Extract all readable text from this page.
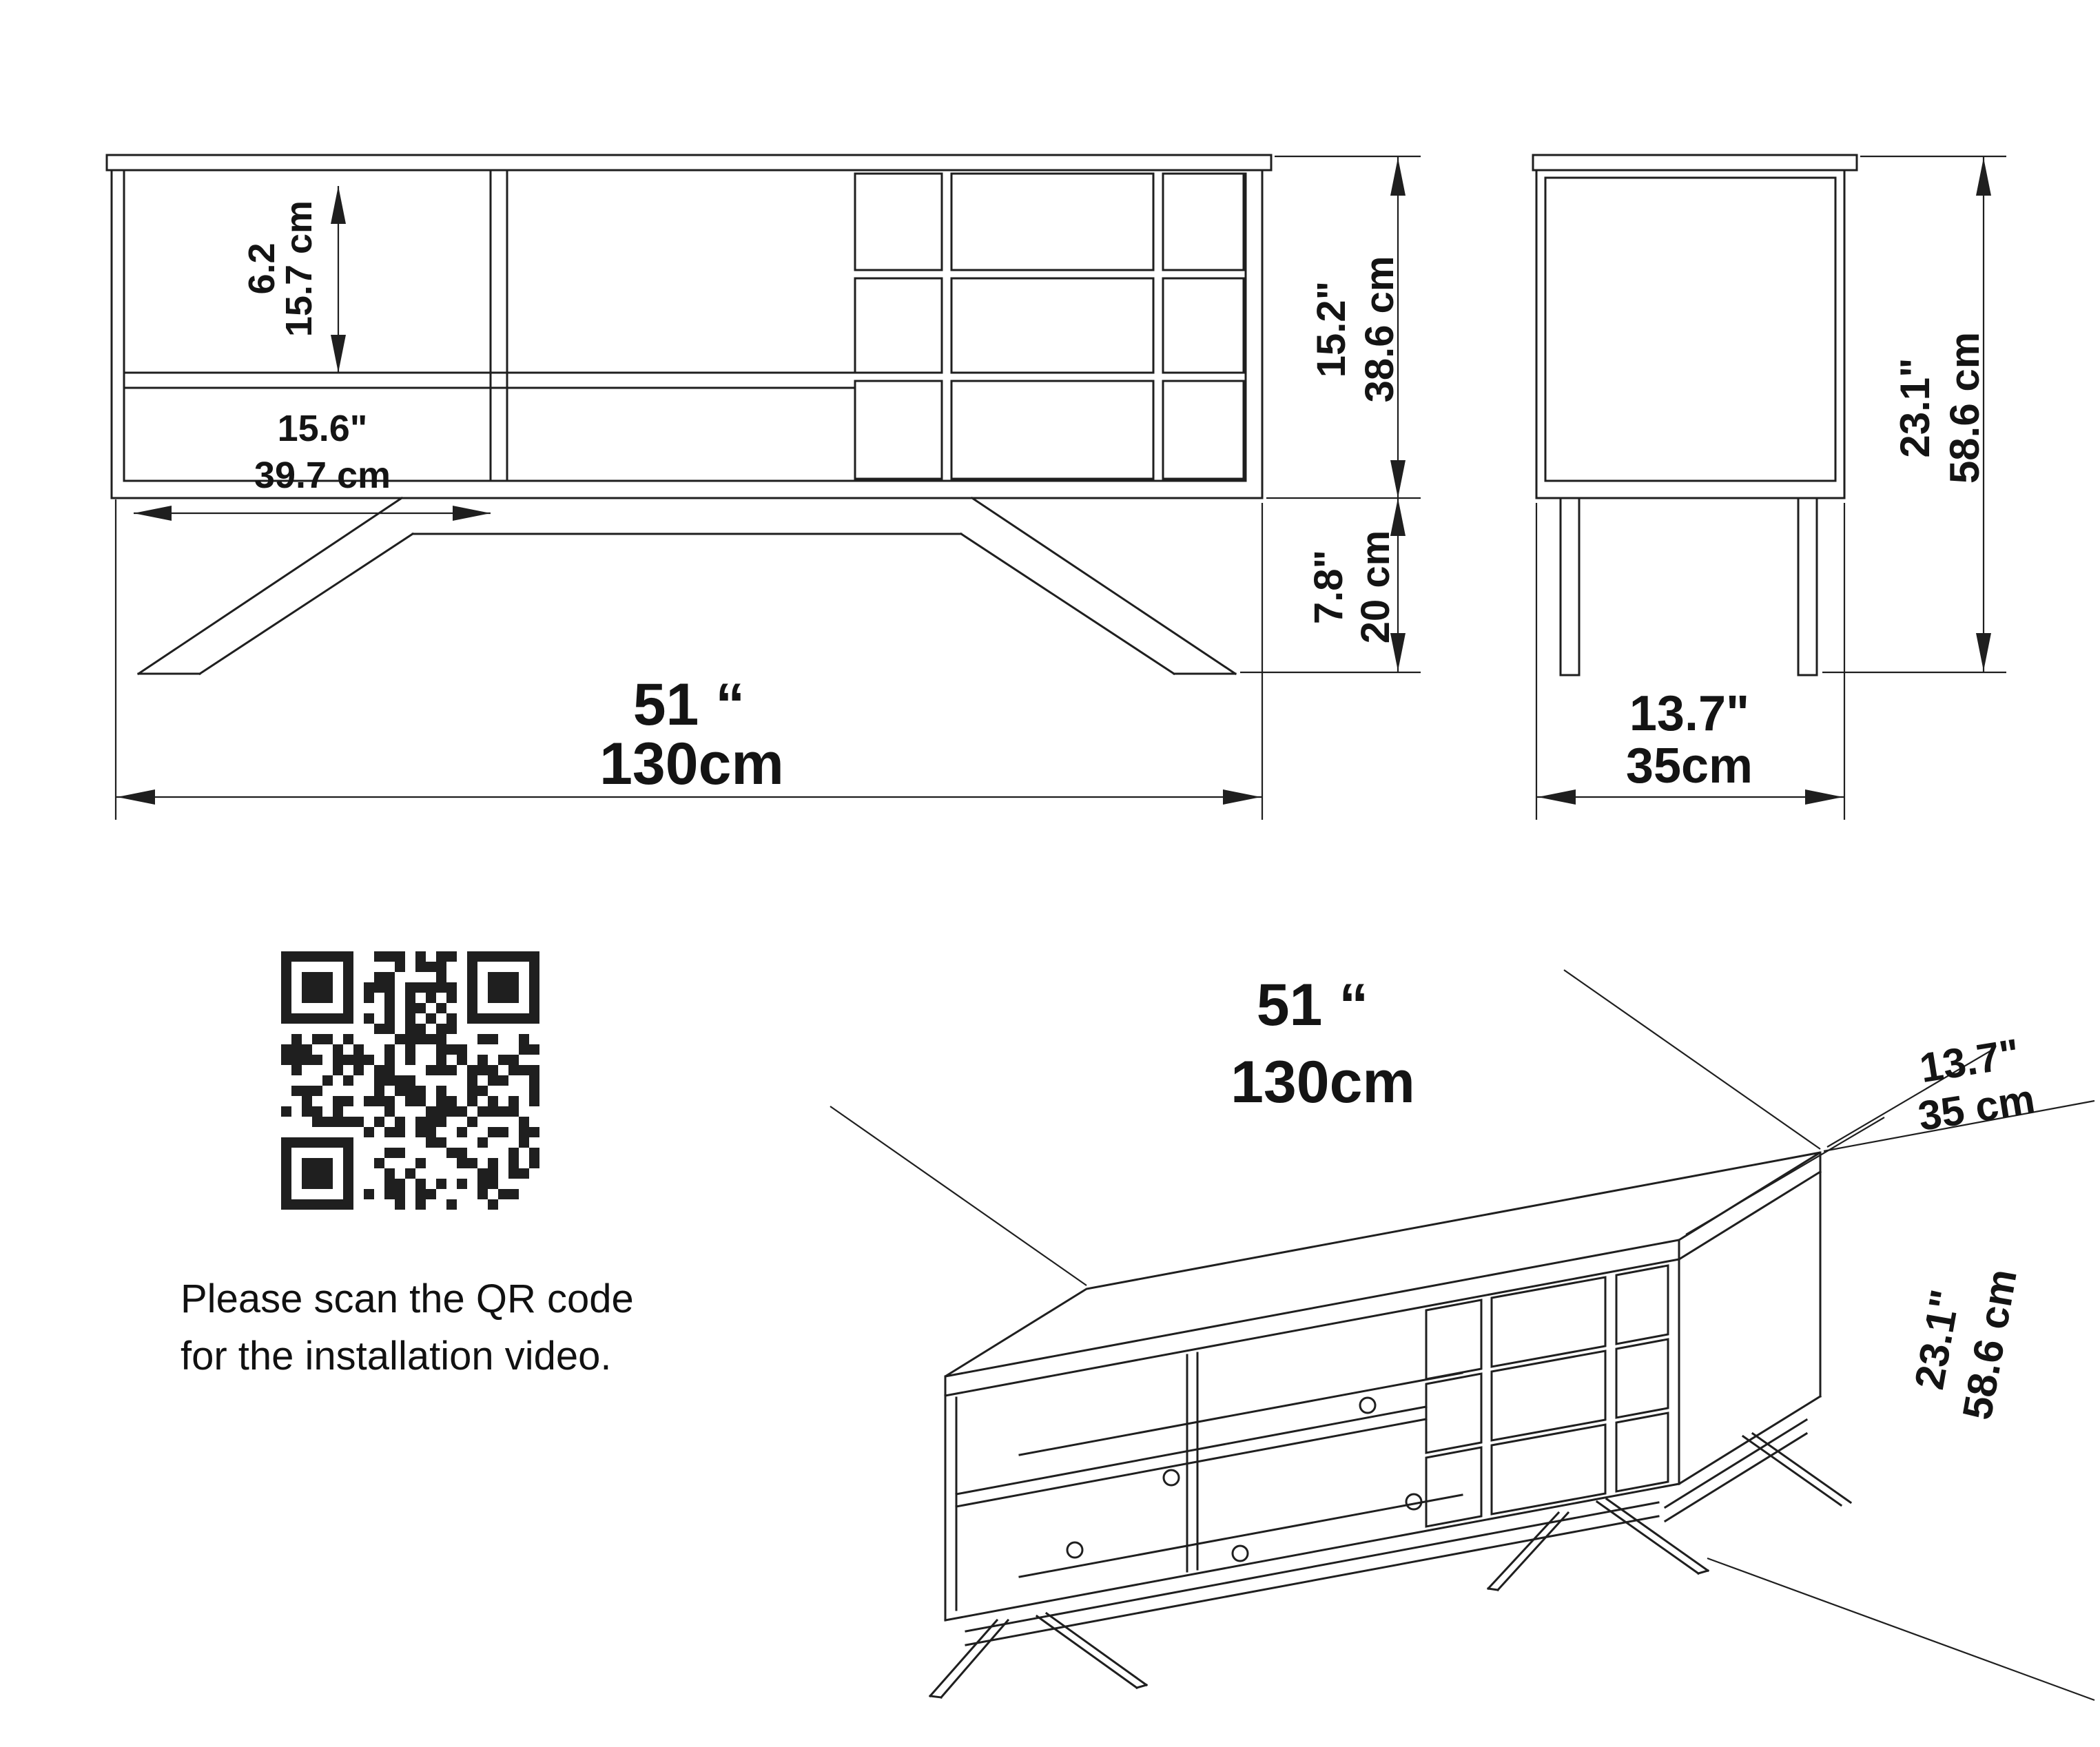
6.2
15.7 cm
15.6"
39.7 cm
15.2" 38.6 cm
7.8" 20 cm
51 “
130cm
23.1" 58.6 cm
13.7"
35cm
Please scan the QR code
for the installation video.
51 “
130cm	13.7"
35 cm
23.1"
58.6 cm
